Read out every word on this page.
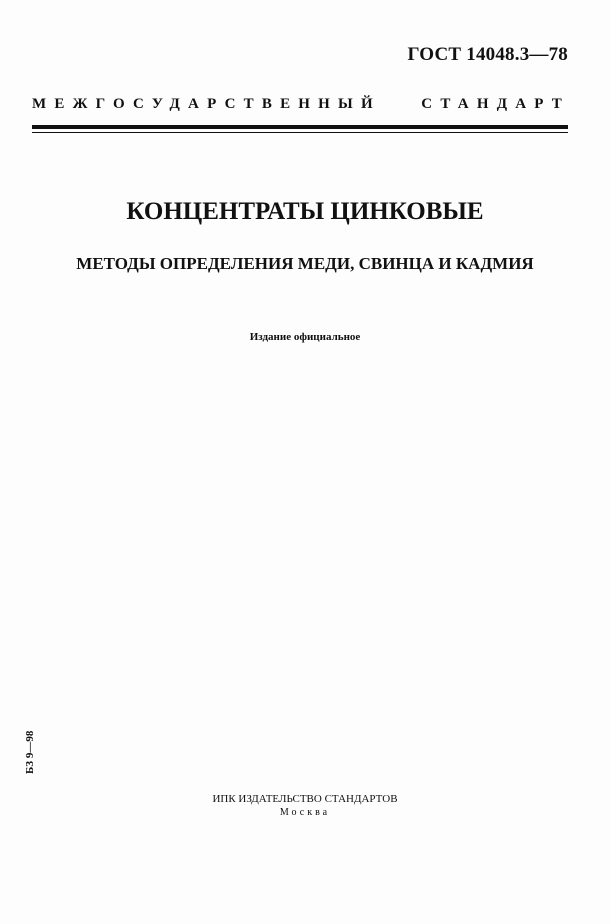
ГОСТ 14048.3—78
МЕЖГОСУДАРСТВЕННЫЙ СТАНДАРТ
КОНЦЕНТРАТЫ ЦИНКОВЫЕ
МЕТОДЫ ОПРЕДЕЛЕНИЯ МЕДИ, СВИНЦА И КАДМИЯ
Издание официальное
БЗ 9—98
ИПК ИЗДАТЕЛЬСТВО СТАНДАРТОВ
Москва
